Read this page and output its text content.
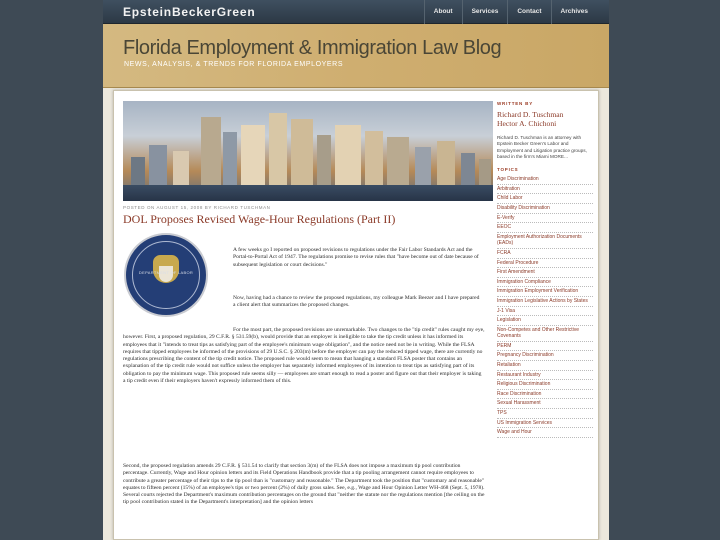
EpsteinBeckerGreen	About	Services	Contact	Archives
Florida Employment & Immigration Law Blog
NEWS, ANALYSIS, & TRENDS FOR FLORIDA EMPLOYERS
POSTED ON AUGUST 15, 2008 BY RICHARD TUSCHMAN
DOL Proposes Revised Wage-Hour Regulations (Part II)
DEPARTMENT OF LABOR
A few weeks go I reported on proposed revisions to regulations under the Fair Labor Standards Act and the Portal-to-Portal Act of 1947. The regulations promise to revise rules that "have become out of date because of subsequent legislation or court decisions."
Now, having had a chance to review the proposed regulations, my colleague Mark Beezer and I have prepared a client alert that summarizes the proposed changes.
For the most part, the proposed revisions are unremarkable. Two changes to the "tip credit" rules caught my eye, however. First, a proposed regulation, 29 C.F.R. § 531.59(b), would provide that an employer is ineligible to take the tip credit unless it has informed its employees that it "intends to treat tips as satisfying part of the employee's minimum wage obligation", and the notice need not be in writing. While the FLSA requires that tipped employees be informed of the provisions of 29 U.S.C. § 203(m) before the employer can pay the reduced tipped wage, there are currently no regulations prescribing the content of the tip credit notice. The proposed rule would seem to mean that hanging a standard FLSA poster that contains an explanation of the tip credit rule would not suffice unless the employer has separately informed employees of its intention to treat tips as satisfying part of its obligation to pay the minimum wage. This proposed rule seems silly — employees are smart enough to read a poster and figure out that their employer is taking a tip credit even if their employers haven't expressly informed them of this.
Second, the proposed regulation amends 29 C.F.R. § 531.54 to clarify that section 3(m) of the FLSA does not impose a maximum tip pool contribution percentage. Currently, Wage and Hour opinion letters and its Field Operations Handbook provide that a tip pooling arrangement cannot require employees to contribute a greater percentage of their tips to the tip pool than is "customary and reasonable." The Department took the position that "customary and reasonable" equates to fifteen percent (15%) of an employee's tips or two percent (2%) of daily gross sales. See, e.g., Wage and Hour Opinion Letter WH-468 (Sept. 5, 1978). Several courts rejected the Department's maximum contribution percentages on the ground that "neither the statute nor the regulations mention [the ceiling on the tip pool contribution stated in the Department's interpretation] and the opinion letters
WRITTEN BY
Richard D. Tuschman
Hector A. Chichoni
Richard D. Tuschman is an attorney with Epstein Becker Green's Labor and Employment and Litigation practice groups, based in the firm's Miami MORE...
TOPICS
Age Discrimination
Arbitration
Child Labor
Disability Discrimination
E-Verify
EEOC
Employment Authorization Documents (EADs)
FCRA
Federal Procedure
First Amendment
Immigration Compliance
Immigration Employment Verification
Immigration Legislative Actions by States
J-1 Visa
Legislation
Non-Competes and Other Restrictive Covenants
PERM
Pregnancy Discrimination
Retaliation
Restaurant Industry
Religious Discrimination
Race Discrimination
Sexual Harassment
TPS
US Immigration Services
Wage and Hour
